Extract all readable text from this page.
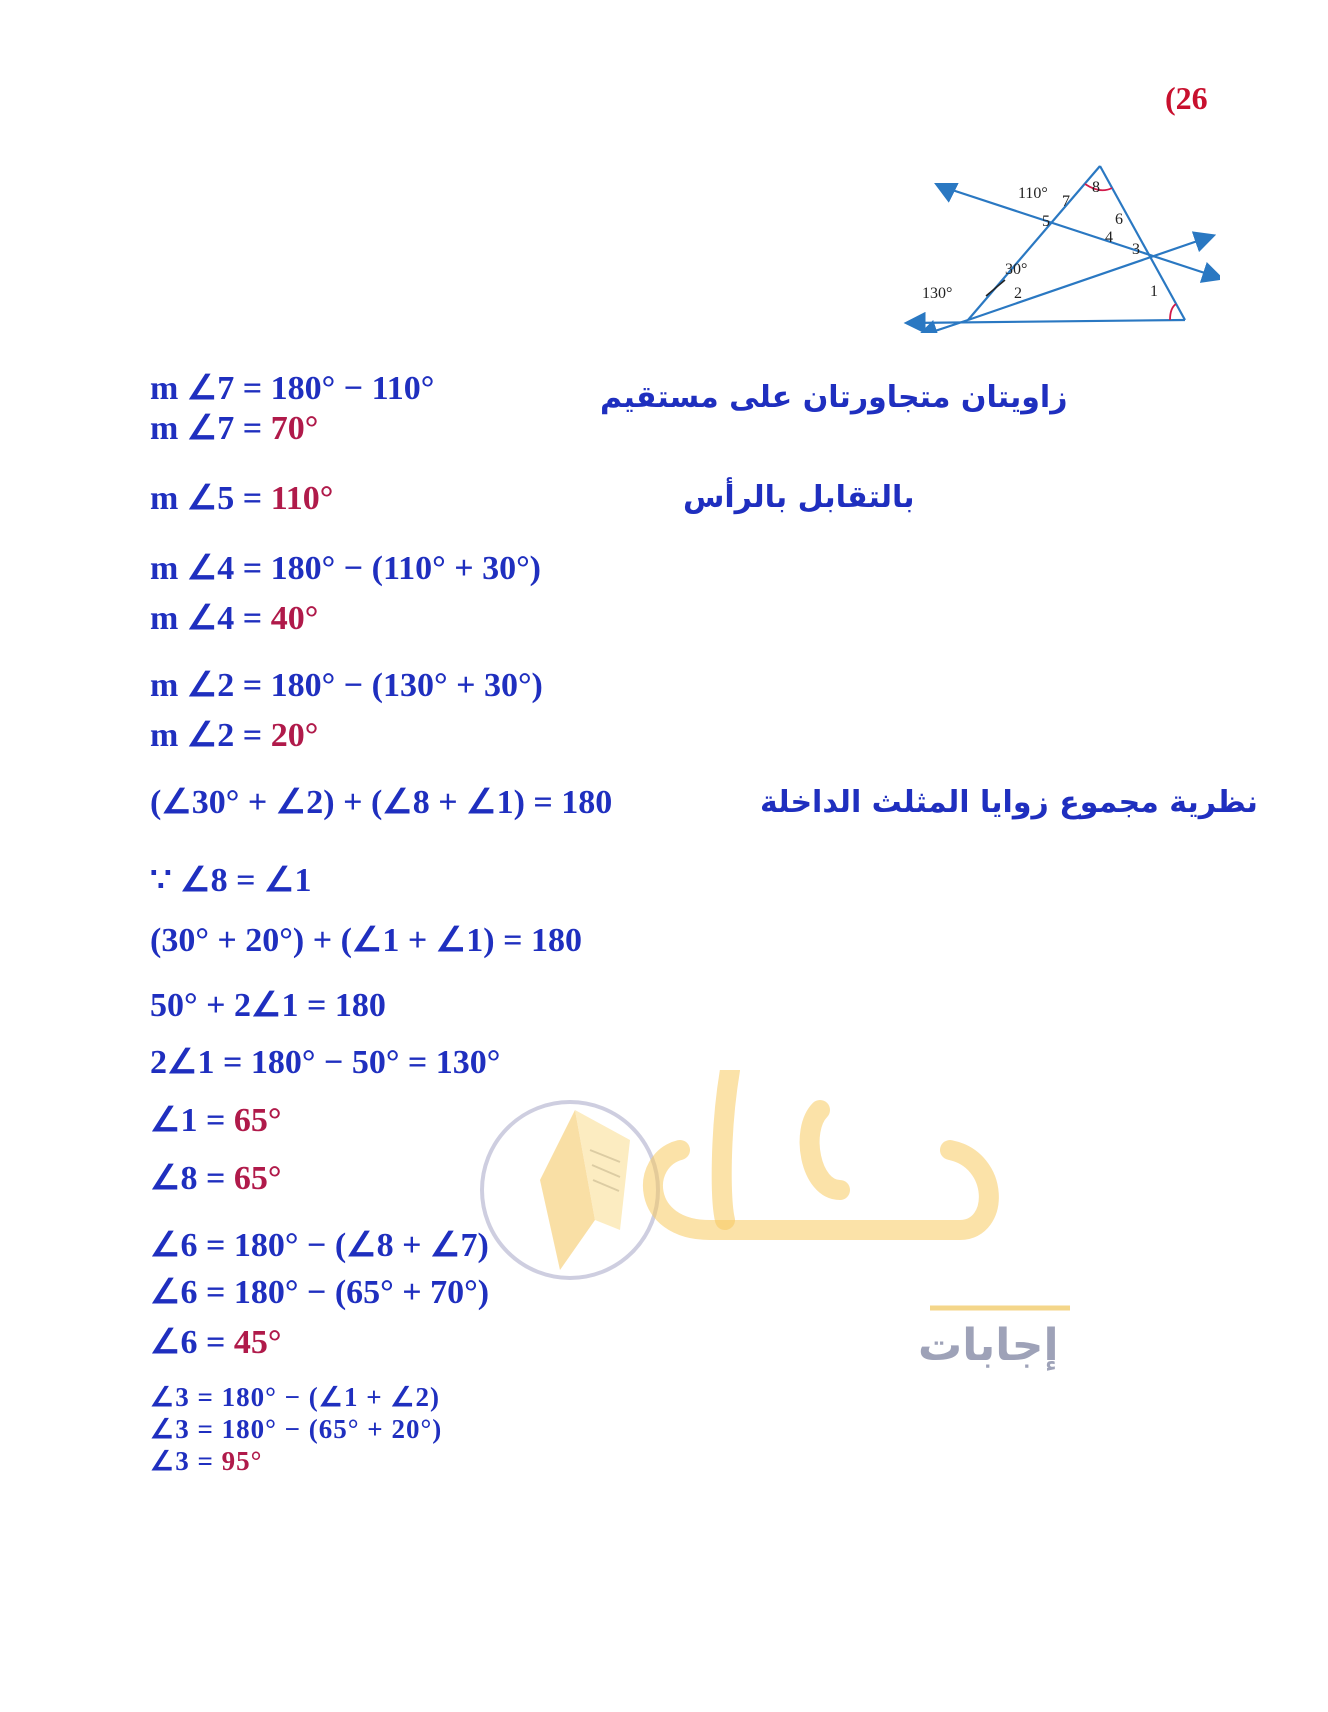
(26
110°	8
7
5	6
4
3
30°
2
130°	1
زاويتان متجاورتان على مستقيم
بالتقابل بالرأس
نظرية مجموع زوايا المثلث الداخلة
m ∠7 = 180° − 110°
m ∠7 = 70°
m ∠5 = 110°
m ∠4 = 180° − (110° + 30°)
m ∠4 = 40°
m ∠2 = 180° − (130° + 30°)
m ∠2 = 20°
(∠30° + ∠2) + (∠8 + ∠1) = 180
∵ ∠8 = ∠1
(30° + 20°) + (∠1 + ∠1) = 180
50° + 2∠1 = 180
2∠1 = 180° − 50° = 130°
∠1 = 65°
∠8 = 65°
∠6 = 180° − (∠8 + ∠7)
∠6 = 180° − (65° + 70°)
∠6 = 45°
∠3 = 180° − (∠1 + ∠2)
∠3 = 180° − (65° + 20°)
∠3 = 95°
إجابات
